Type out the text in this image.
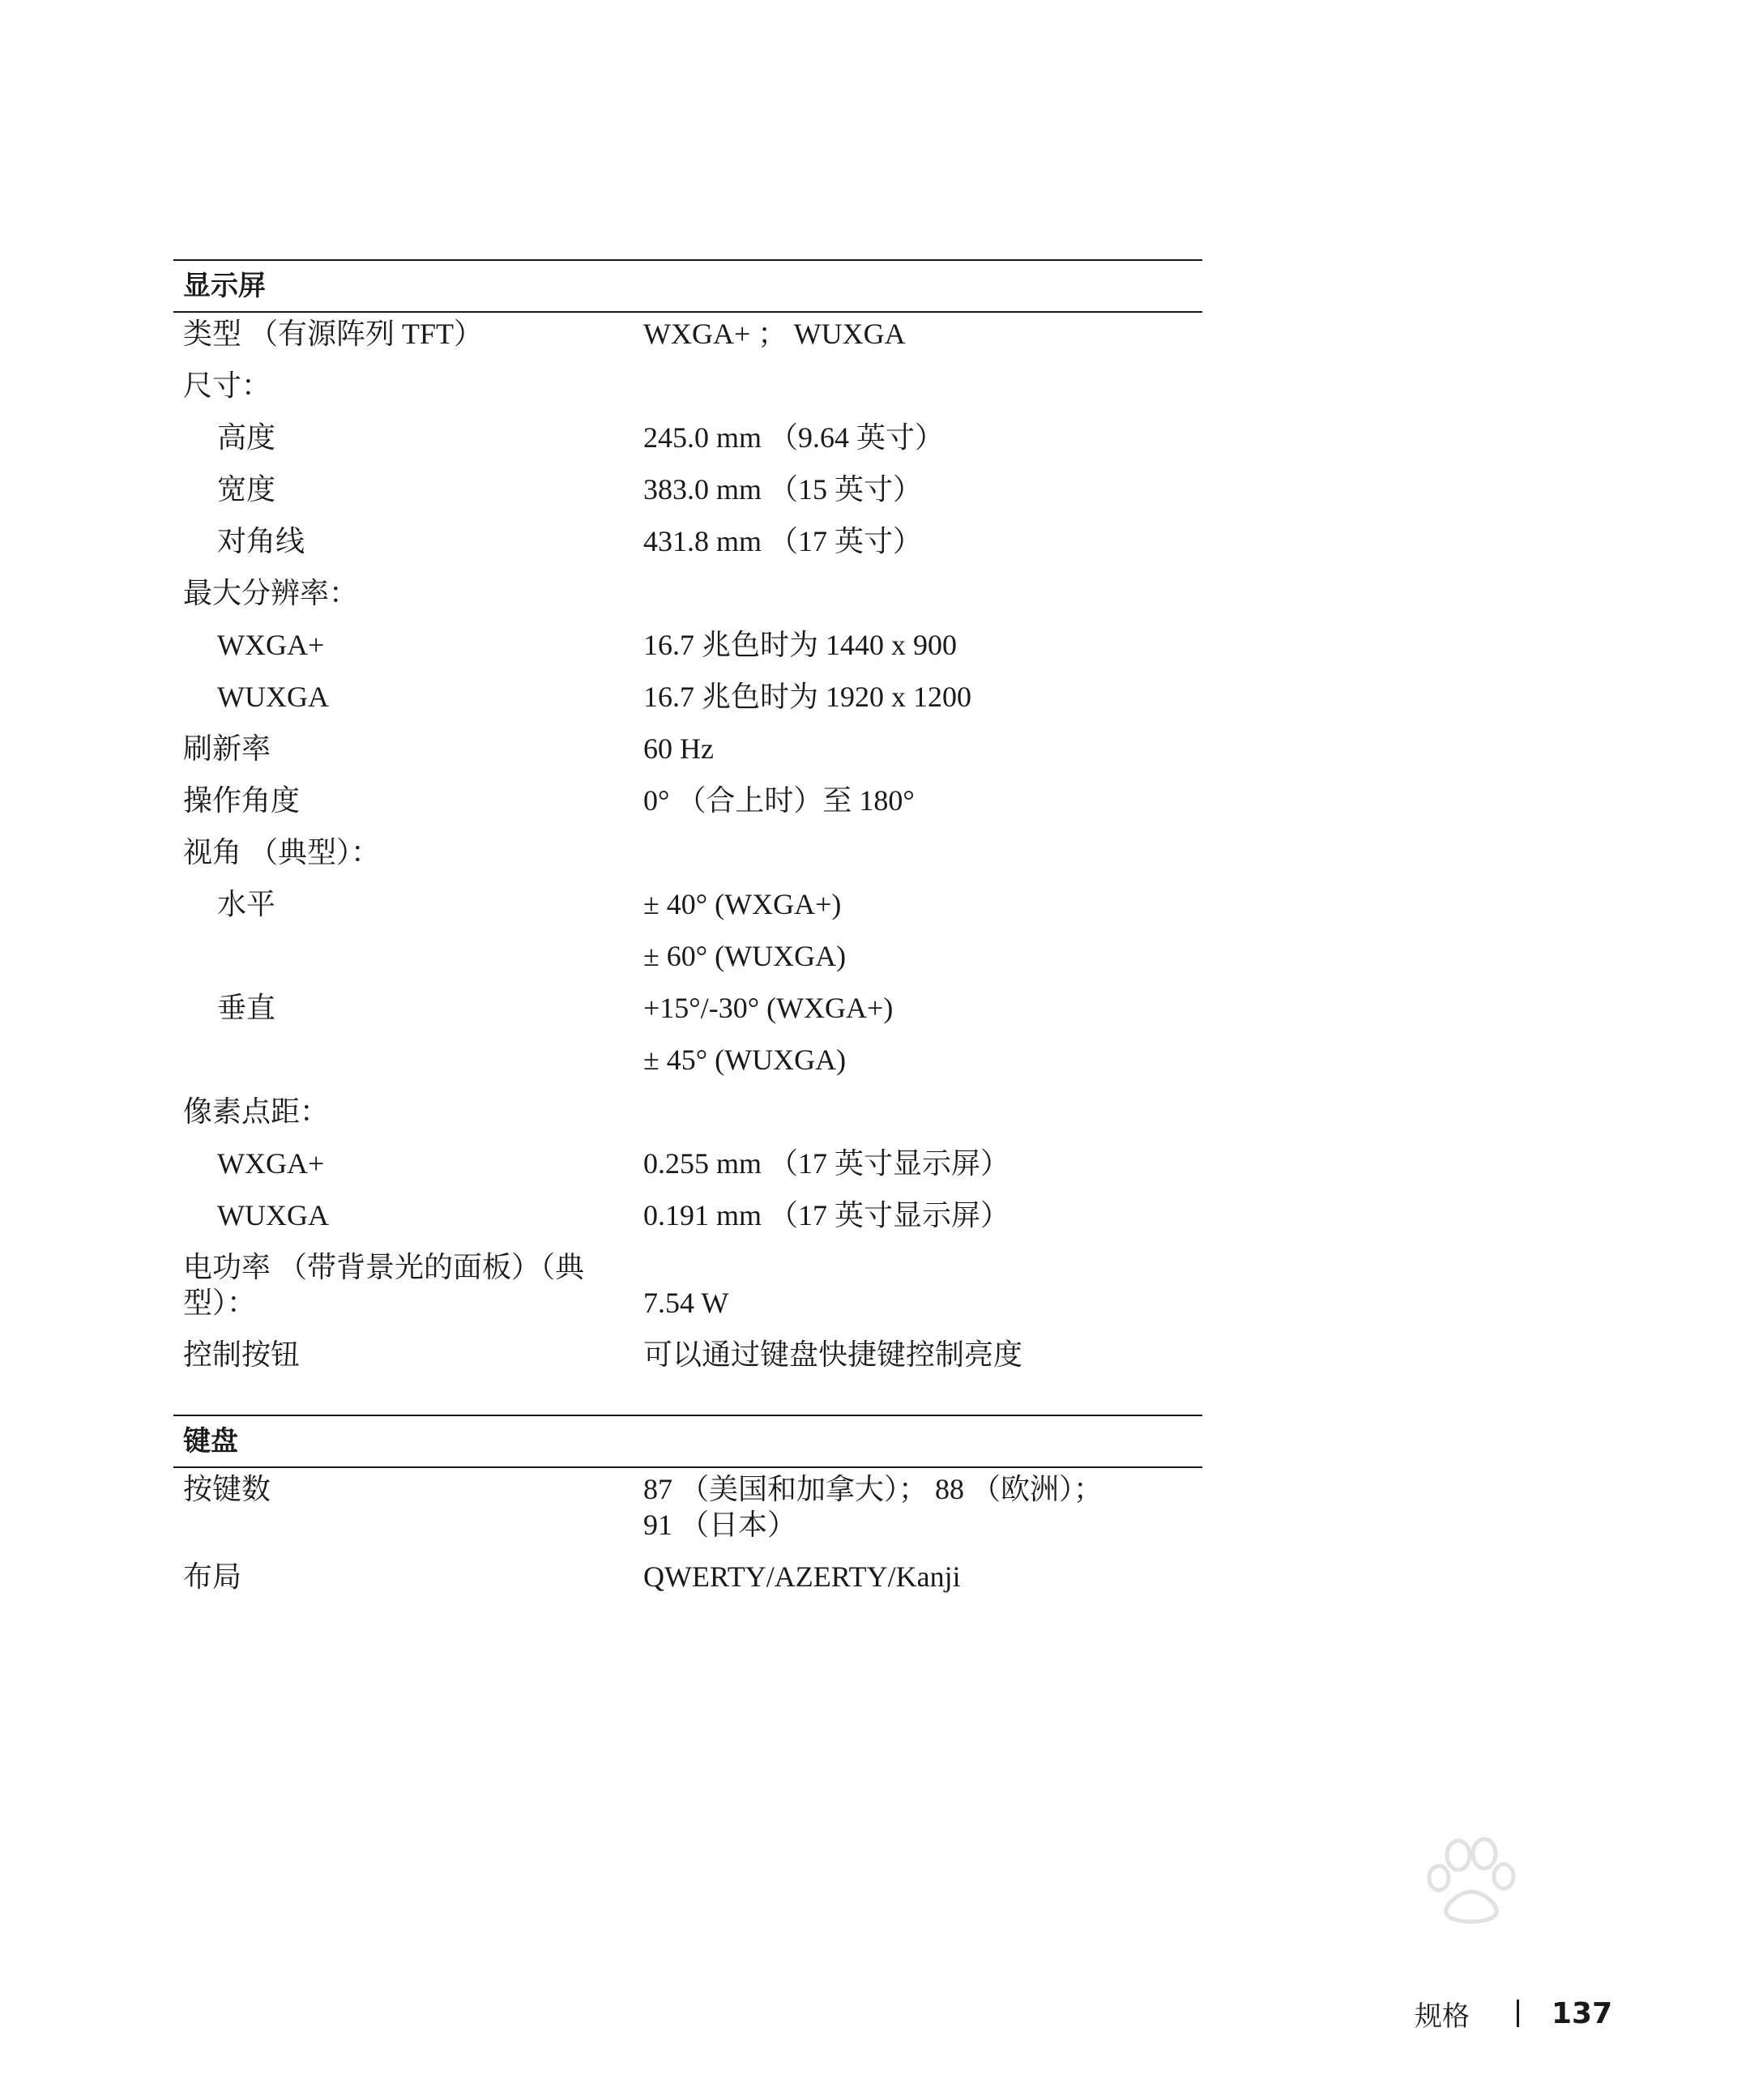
显示屏
类型 （有源阵列 TFT）	WXGA+ ； WUXGA
尺寸：
高度	245.0 mm （9.64 英寸）
宽度	383.0 mm （15 英寸）
对角线	431.8 mm （17 英寸）
最大分辨率：
WXGA+	16.7 兆色时为 1440 x 900
WUXGA	16.7 兆色时为 1920 x 1200
刷新率	60 Hz
操作角度	0° （合上时）至 180°
视角 （典型）：
水平	± 40° (WXGA+)
± 60° (WUXGA)
垂直	+15°/-30° (WXGA+)
± 45° (WUXGA)
像素点距：
WXGA+	0.255 mm （17 英寸显示屏）
WUXGA	0.191 mm （17 英寸显示屏）
电功率 （带背景光的面板）（典
型）：	7.54 W
控制按钮	可以通过键盘快捷键控制亮度
键盘
按键数	87 （美国和加拿大）； 88 （欧洲）；
91 （日本）
布局	QWERTY/AZERTY/Kanji
规格	137
